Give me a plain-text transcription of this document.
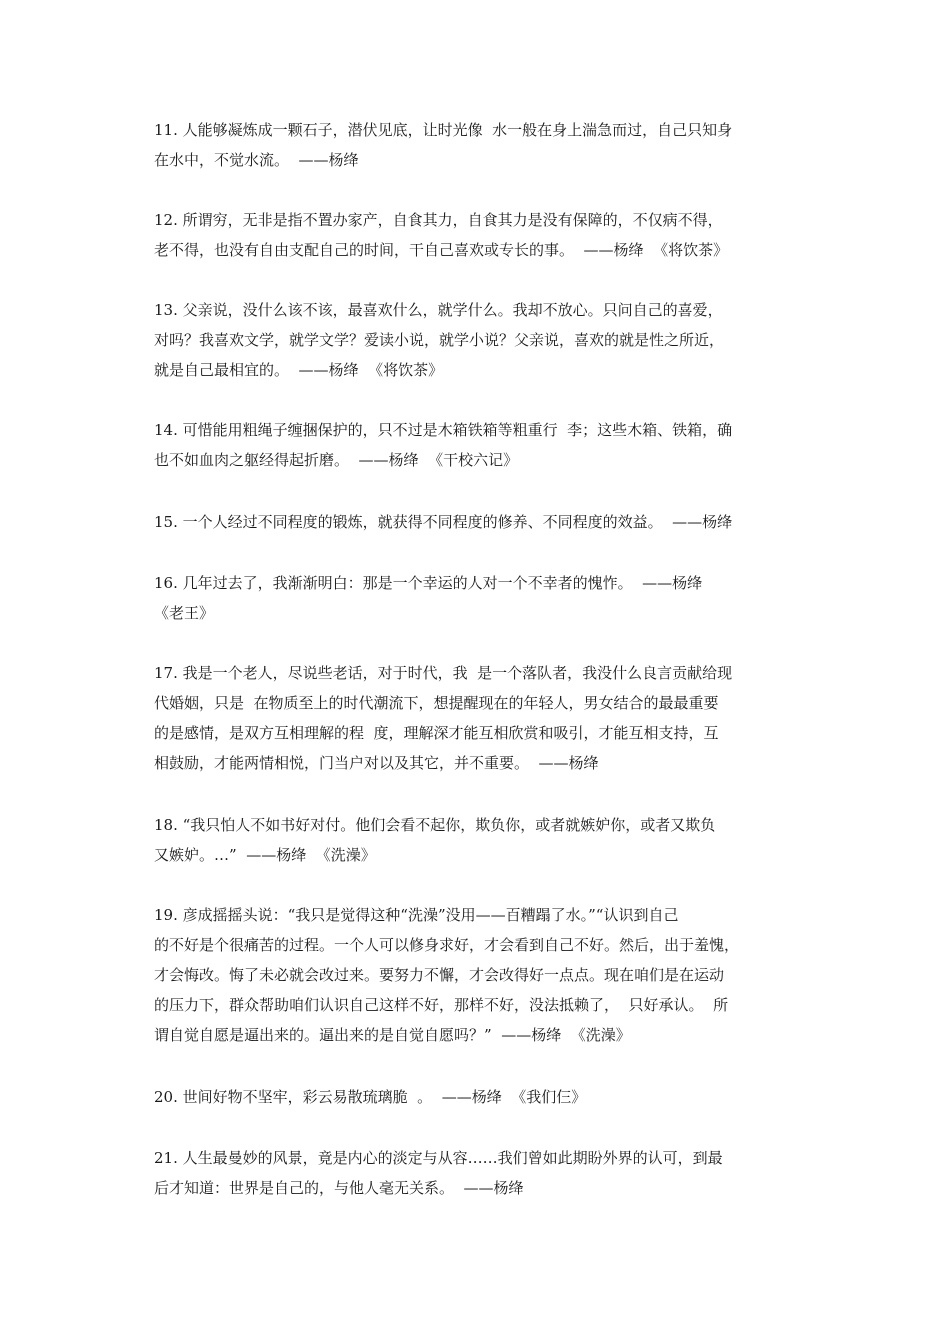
11. 人能够凝炼成一颗石子，潜伏见底，让时光像  水一般在身上湍急而过，自己只知身
在水中，不觉水流。  ——杨绛
12. 所谓穷，无非是指不置办家产，自食其力，自食其力是没有保障的，不仅病不得，
老不得，也没有自由支配自己的时间，干自己喜欢或专长的事。  ——杨绛  《将饮茶》
13. 父亲说，没什么该不该，最喜欢什么，就学什么。我却不放心。只问自己的喜爱，
对吗？我喜欢文学，就学文学？爱读小说，就学小说？父亲说，喜欢的就是性之所近，
就是自己最相宜的。  ——杨绛  《将饮茶》
14. 可惜能用粗绳子缠捆保护的，只不过是木箱铁箱等粗重行  李；这些木箱、铁箱，确
也不如血肉之躯经得起折磨。  ——杨绛  《干校六记》
15. 一个人经过不同程度的锻炼，就获得不同程度的修养、不同程度的效益。  ——杨绛
16. 几年过去了，我渐渐明白：那是一个幸运的人对一个不幸者的愧怍。  ——杨绛
《老王》
17. 我是一个老人，尽说些老话，对于时代，我  是一个落队者，我没什么良言贡献给现
代婚姻，只是  在物质至上的时代潮流下，想提醒现在的年轻人，男女结合的最最重要
的是感情，是双方互相理解的程  度，理解深才能互相欣赏和吸引，才能互相支持，互
相鼓励，才能两情相悦，门当户对以及其它，并不重要。  ——杨绛
18. “我只怕人不如书好对付。他们会看不起你，欺负你，或者就嫉妒你，或者又欺负
又嫉妒。…”  ——杨绛  《洗澡》
19. 彦成摇摇头说：“我只是觉得这种“洗澡”没用——百糟蹋了水。”“认识到自己
的不好是个很痛苦的过程。一个人可以修身求好，才会看到自己不好。然后，出于羞愧，
才会悔改。悔了未必就会改过来。要努力不懈，才会改得好一点点。现在咱们是在运动
的压力下，群众帮助咱们认识自己这样不好，那样不好，没法抵赖了，  只好承认。  所
谓自觉自愿是逼出来的。逼出来的是自觉自愿吗？”  ——杨绛  《洗澡》
20. 世间好物不坚牢，彩云易散琉璃脆  。  ——杨绛  《我们仨》
21. 人生最曼妙的风景，竟是内心的淡定与从容……我们曾如此期盼外界的认可，到最
后才知道：世界是自己的，与他人毫无关系。  ——杨绛
